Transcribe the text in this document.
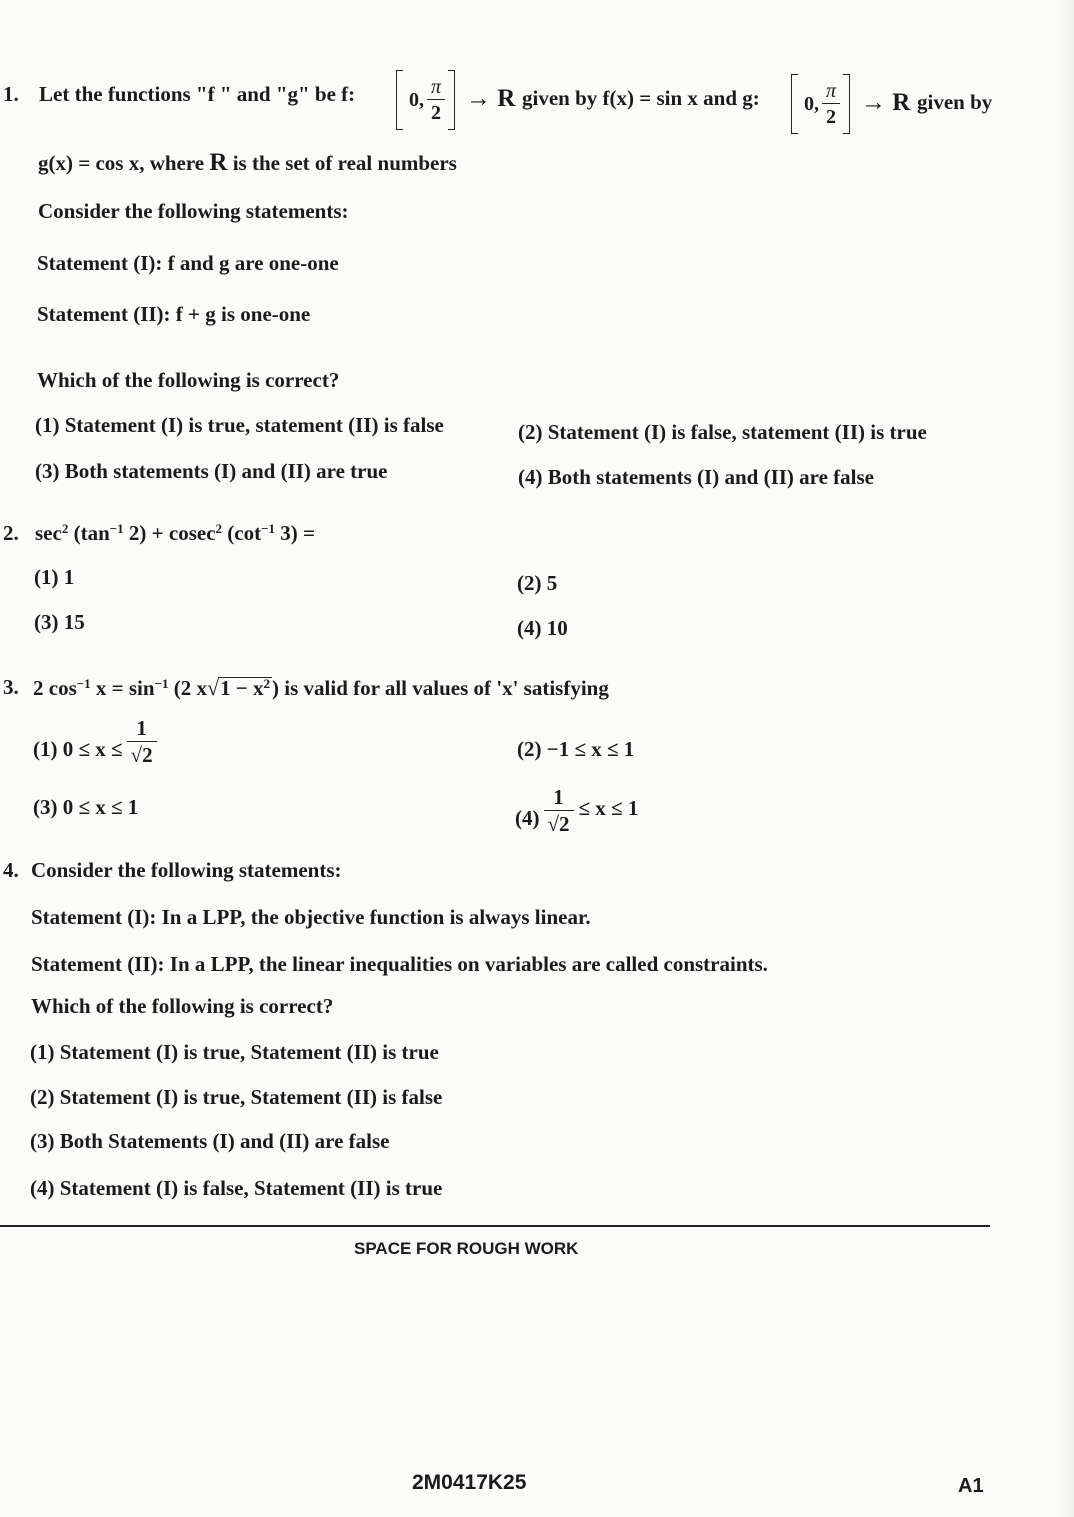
1. Let the functions "f " and "g" be f:	0, $\frac{\pi}{2} \to R$ given by f(x) = sin x and g: 0, $\frac{\pi}{2} \to R$ given by
g(x) = cos x, where R is the set of real numbers
Consider the following statements:
Statement (I): f and g are one-one
Statement (II): f + g is one-one
Which of the following is correct?
(1) Statement (I) is true, statement (II) is false	(2) Statement (I) is false, statement (II) is true
(3) Both statements (I) and (II) are true	(4) Both statements (I) and (II) are false
2. $\sec^2 (\tan^{-1}$ 2) + cosec$^2$ ($\cot^{-1}$ 3) =
(1) 1	(2) 5
(3) 15	(4) 10
3. 2 $\cos^{-1} x = \sin^{-1} (2$ x √ $1 - x^2$ ) is valid for all values of 'x' satisfying
(1) $0 \le x \le \frac{1}{√2}$	(2) −1 ≤ x ≤ 1
(3) 0 ≤ x ≤ 1	$(4) \frac{1}{√2} \le x \le 1$
4. Consider the following statements:
Statement (I): In a LPP, the objective function is always linear.
Statement (II): In a LPP, the linear inequalities on variables are called constraints.
Which of the following is correct?
(1) Statement (I) is true, Statement (II) is true
(2) Statement (I) is true, Statement (II) is false
(3) Both Statements (I) and (II) are false
(4) Statement (I) is false, Statement (II) is true
SPACE FOR ROUGH WORK
2M0417K25	A1
